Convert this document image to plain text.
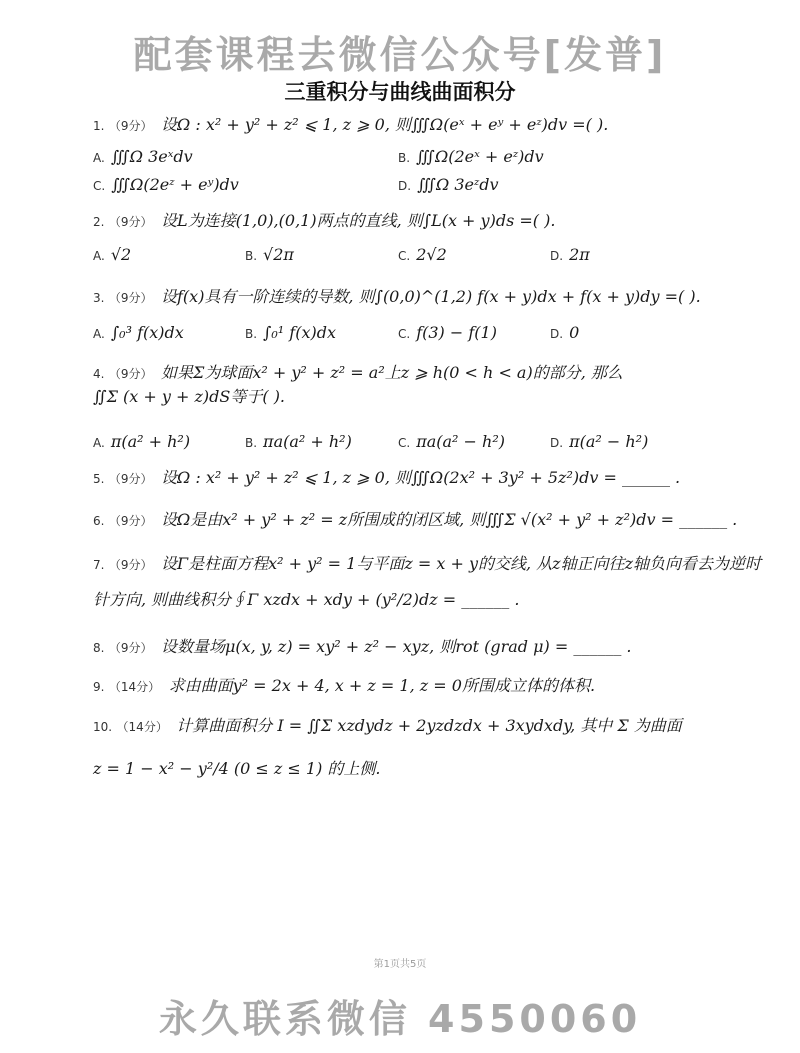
配套课程去微信公众号[发普]
三重积分与曲线曲面积分
1. （9分） 设Ω : x² + y² + z² ⩽ 1, z ⩾ 0, 则∭Ω(eˣ + eʸ + eᶻ)dv =( ).
A. ∭Ω 3eˣdv	B. ∭Ω(2eˣ + eᶻ)dv
C. ∭Ω(2eᶻ + eʸ)dv	D. ∭Ω 3eᶻdv
2. （9分） 设L为连接(1,0),(0,1)两点的直线, 则∫L(x + y)ds =( ).
A. √2	B. √2π	C. 2√2	D. 2π
3. （9分） 设f(x)具有一阶连续的导数, 则∫(0,0)^(1,2) f(x + y)dx + f(x + y)dy =( ).
A. ∫₀³ f(x)dx	B. ∫₀¹ f(x)dx	C. f(3) − f(1)	D. 0
4. （9分） 如果Σ为球面x² + y² + z² = a²上z ⩾ h(0 < h < a)的部分, 那么
∬Σ (x + y + z)dS等于( ).
A. π(a² + h²)	B. πa(a² + h²)	C. πa(a² − h²)	D. π(a² − h²)
5. （9分） 设Ω : x² + y² + z² ⩽ 1, z ⩾ 0, 则∭Ω(2x² + 3y² + 5z²)dv = ______ .
6. （9分） 设Ω是由x² + y² + z² = z所围成的闭区域, 则∭Σ √(x² + y² + z²)dv = ______ .
7. （9分） 设Γ是柱面方程x² + y² = 1与平面z = x + y的交线, 从z轴正向往z轴负向看去为逆时
针方向, 则曲线积分∮Γ xzdx + xdy + (y²/2)dz = ______ .
8. （9分） 设数量场μ(x, y, z) = xy² + z² − xyz, 则rot (grad μ) = ______ .
9. （14分） 求由曲面y² = 2x + 4, x + z = 1, z = 0所围成立体的体积.
10. （14分） 计算曲面积分 I = ∬Σ xzdydz + 2yzdzdx + 3xydxdy, 其中 Σ 为曲面
z = 1 − x² − y²/4 (0 ≤ z ≤ 1) 的上侧.
第1页共5页
永久联系微信 4550060
